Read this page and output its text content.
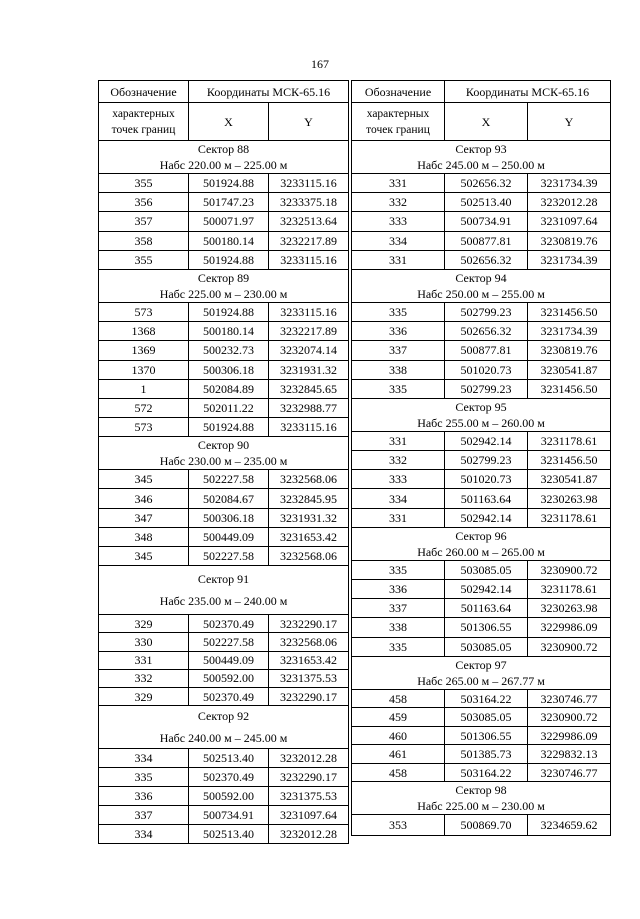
167
Обозначение	Координаты МСК-65.16	
характерных
точек границ	X	Y

Сектор 88
Набс 220.00 м – 225.00 м		

355	501924.88	3233115.16
356	501747.23	3233375.18
357	500071.97	3232513.64
358	500180.14	3232217.89
355	501924.88	3233115.16

Сектор 89
Набс 225.00 м – 230.00 м		

573	501924.88	3233115.16
1368	500180.14	3232217.89
1369	500232.73	3232074.14
1370	500306.18	3231931.32
1	502084.89	3232845.65
572	502011.22	3232988.77
573	501924.88	3233115.16

Сектор 90
Набс 230.00 м – 235.00 м		

345	502227.58	3232568.06
346	502084.67	3232845.95
347	500306.18	3231931.32
348	500449.09	3231653.42
345	502227.58	3232568.06

Сектор 91
Набс 235.00 м – 240.00 м		

329	502370.49	3232290.17
330	502227.58	3232568.06
331	500449.09	3231653.42
332	500592.00	3231375.53
329	502370.49	3232290.17

Сектор 92
Набс 240.00 м – 245.00 м		

334	502513.40	3232012.28
335	502370.49	3232290.17
336	500592.00	3231375.53
337	500734.91	3231097.64
334	502513.40	3232012.28
Обозначение	Координаты МСК-65.16	
характерных
точек границ	X	Y

Сектор 93
Набс 245.00 м – 250.00 м		

331	502656.32	3231734.39
332	502513.40	3232012.28
333	500734.91	3231097.64
334	500877.81	3230819.76
331	502656.32	3231734.39

Сектор 94
Набс 250.00 м – 255.00 м		

335	502799.23	3231456.50
336	502656.32	3231734.39
337	500877.81	3230819.76
338	501020.73	3230541.87
335	502799.23	3231456.50

Сектор 95
Набс 255.00 м – 260.00 м		

331	502942.14	3231178.61
332	502799.23	3231456.50
333	501020.73	3230541.87
334	501163.64	3230263.98
331	502942.14	3231178.61

Сектор 96
Набс 260.00 м – 265.00 м		

335	503085.05	3230900.72
336	502942.14	3231178.61
337	501163.64	3230263.98
338	501306.55	3229986.09
335	503085.05	3230900.72

Сектор 97
Набс 265.00 м – 267.77 м		

458	503164.22	3230746.77
459	503085.05	3230900.72
460	501306.55	3229986.09
461	501385.73	3229832.13
458	503164.22	3230746.77

Сектор 98
Набс 225.00 м – 230.00 м		

353	500869.70	3234659.62
